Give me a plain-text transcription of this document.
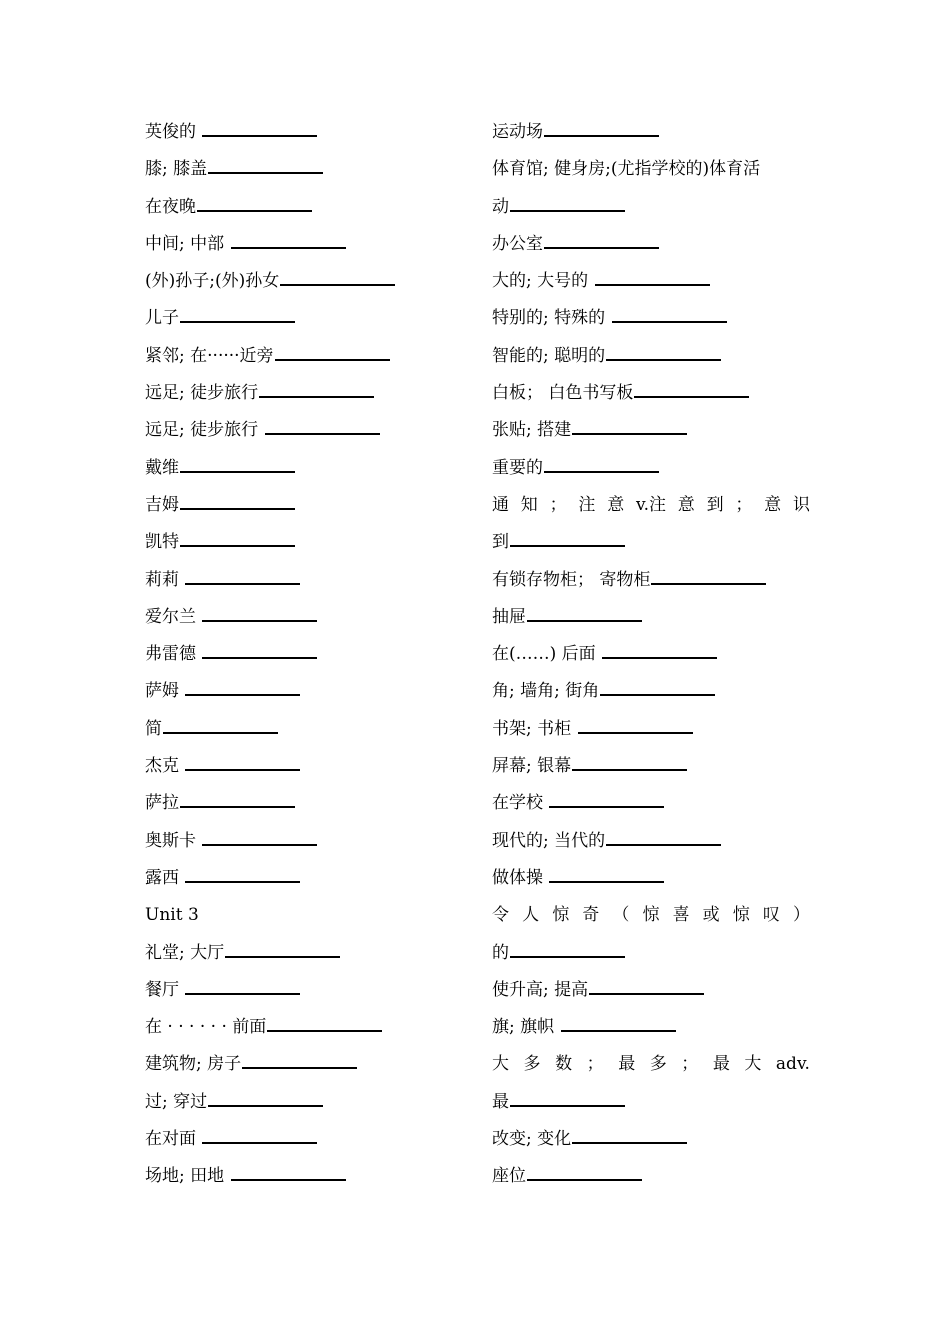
英俊的
膝; 膝盖
在夜晚
中间; 中部
(外)孙子;(外)孙女
儿子
紧邻; 在······近旁
远足; 徒步旅行
远足; 徒步旅行
戴维
吉姆
凯特
莉莉
爱尔兰
弗雷德
萨姆
简
杰克
萨拉
奥斯卡
露西
Unit 3
礼堂; 大厅
餐厅
在 · · · · · · 前面
建筑物; 房子
过; 穿过
在对面
场地; 田地
运动场
体育馆; 健身房;(尤指学校的)体育活
动
办公室
大的; 大号的
特别的; 特殊的
智能的; 聪明的
白板； 白色书写板
张贴; 搭建
重要的
通 知 ； 注 意 v.注 意 到 ； 意 识
到
有锁存物柜； 寄物柜
抽屉
在(……) 后面
角; 墙角; 街角
书架; 书柜
屏幕; 银幕
在学校
现代的; 当代的
做体操
令 人 惊 奇 （ 惊 喜 或 惊 叹 ）
的
使升高; 提高
旗; 旗帜
大 多 数 ； 最 多 ； 最 大 adv.
最
改变; 变化
座位
